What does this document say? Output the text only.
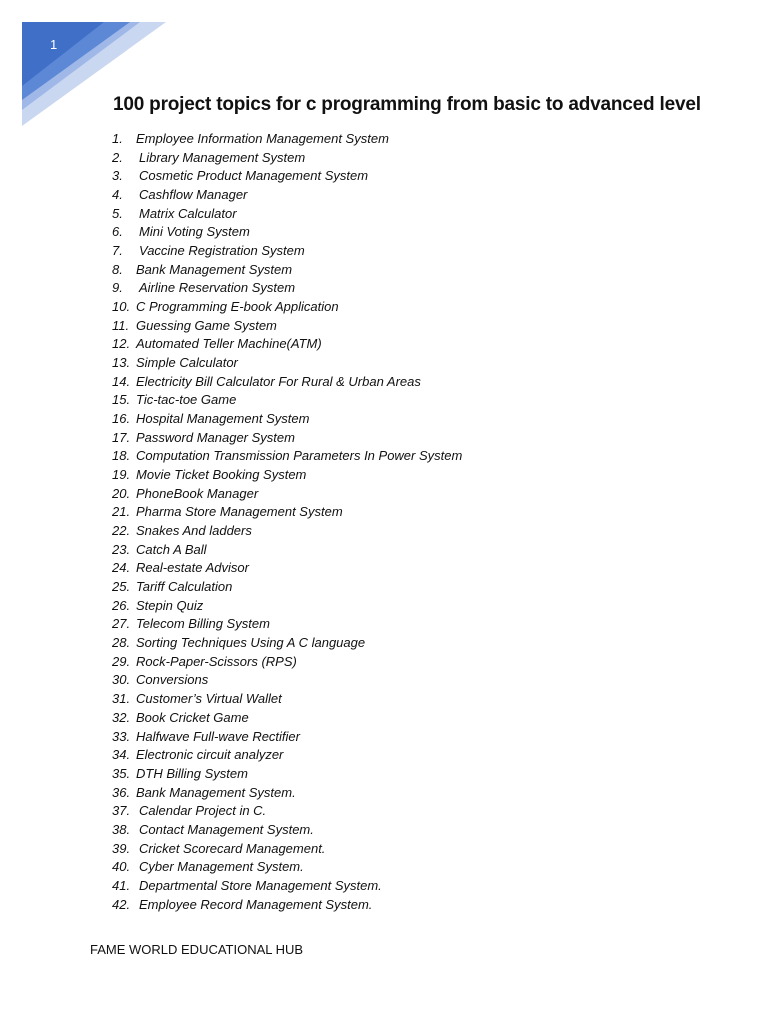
1
100 project topics for c programming from basic to advanced level
1. Employee Information Management System
2. Library Management System
3. Cosmetic Product Management System
4. Cashflow Manager
5. Matrix Calculator
6. Mini Voting System
7. Vaccine Registration System
8. Bank Management System
9. Airline Reservation System
10. C Programming E-book Application
11. Guessing Game System
12. Automated Teller Machine(ATM)
13. Simple Calculator
14. Electricity Bill Calculator For Rural & Urban Areas
15. Tic-tac-toe Game
16. Hospital Management System
17. Password Manager System
18. Computation Transmission Parameters In Power System
19. Movie Ticket Booking System
20. PhoneBook Manager
21. Pharma Store Management System
22. Snakes And ladders
23. Catch A Ball
24. Real-estate Advisor
25. Tariff Calculation
26. Stepin Quiz
27. Telecom Billing System
28. Sorting Techniques Using A C language
29. Rock-Paper-Scissors (RPS)
30. Conversions
31. Customer’s Virtual Wallet
32. Book Cricket Game
33. Halfwave Full-wave Rectifier
34. Electronic circuit analyzer
35. DTH Billing System
36. Bank Management System.
37. Calendar Project in C.
38. Contact Management System.
39. Cricket Scorecard Management.
40. Cyber Management System.
41. Departmental Store Management System.
42. Employee Record Management System.
FAME WORLD EDUCATIONAL HUB
